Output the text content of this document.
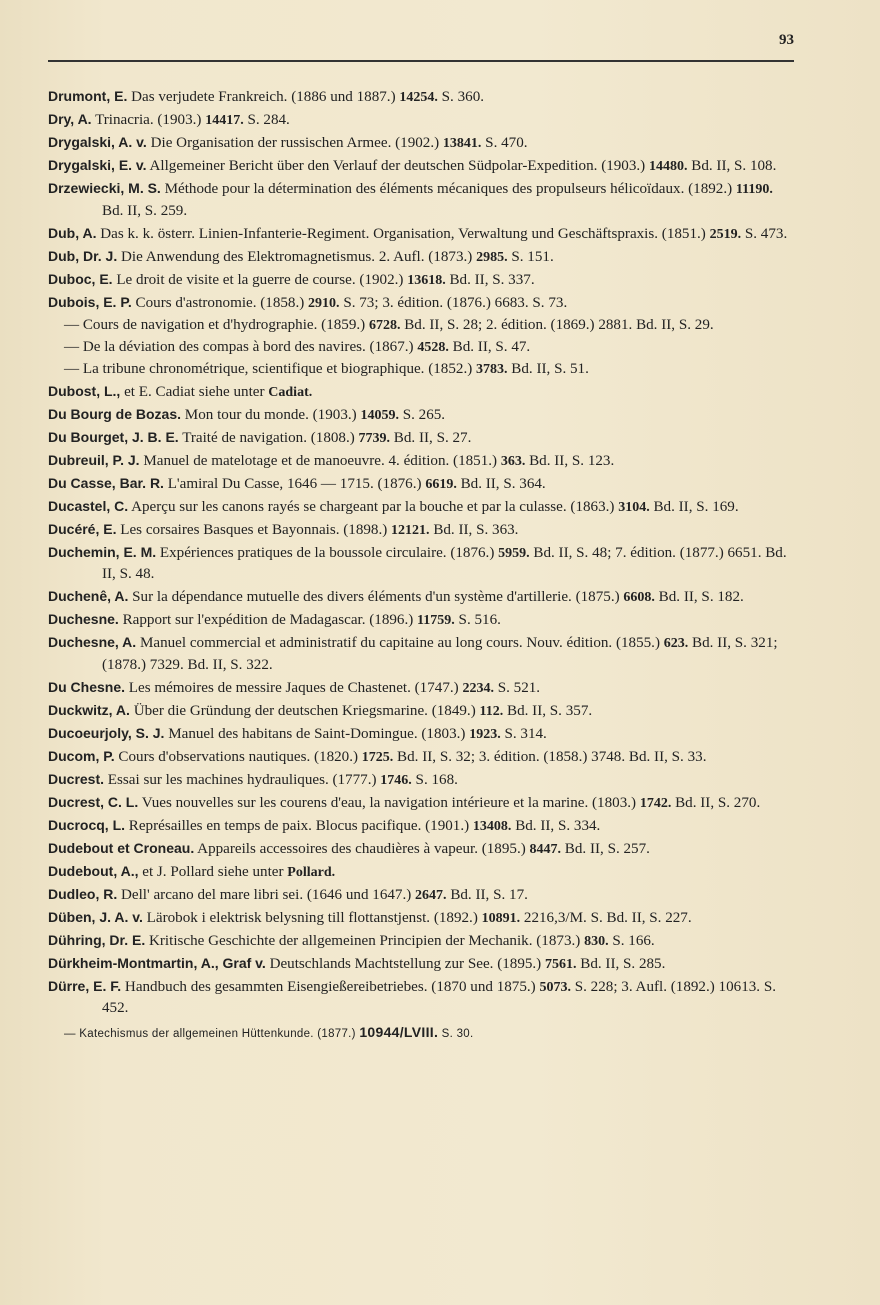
93
Drumont, E. Das verjudete Frankreich. (1886 und 1887.) 14254. S. 360.
Dry, A. Trinacria. (1903.) 14417. S. 284.
Drygalski, A. v. Die Organisation der russischen Armee. (1902.) 13841. S. 470.
Drygalski, E. v. Allgemeiner Bericht über den Verlauf der deutschen Südpolar-Expedition. (1903.) 14480. Bd. II, S. 108.
Drzewiecki, M. S. Méthode pour la détermination des éléments mécaniques des propulseurs hélicoïdaux. (1892.) 11190. Bd. II, S. 259.
Dub, A. Das k. k. österr. Linien-Infanterie-Regiment. Organisation, Verwaltung und Geschäftspraxis. (1851.) 2519. S. 473.
Dub, Dr. J. Die Anwendung des Elektromagnetismus. 2. Aufl. (1873.) 2985. S. 151.
Duboc, E. Le droit de visite et la guerre de course. (1902.) 13618. Bd. II, S. 337.
Dubois, E. P. Cours d'astronomie. (1858.) 2910. S. 73; 3. édition. (1876.) 6683. S. 73.
— Cours de navigation et d'hydrographie. (1859.) 6728. Bd. II, S. 28; 2. édition. (1869.) 2881. Bd. II, S. 29.
— De la déviation des compas à bord des navires. (1867.) 4528. Bd. II, S. 47.
— La tribune chronométrique, scientifique et biographique. (1852.) 3783. Bd. II, S. 51.
Dubost, L., et E. Cadiat siehe unter Cadiat.
Du Bourg de Bozas. Mon tour du monde. (1903.) 14059. S. 265.
Du Bourget, J. B. E. Traité de navigation. (1808.) 7739. Bd. II, S. 27.
Dubreuil, P. J. Manuel de matelotage et de manoeuvre. 4. édition. (1851.) 363. Bd. II, S. 123.
Du Casse, Bar. R. L'amiral Du Casse, 1646 — 1715. (1876.) 6619. Bd. II, S. 364.
Ducastel, C. Aperçu sur les canons rayés se chargeant par la bouche et par la culasse. (1863.) 3104. Bd. II, S. 169.
Ducéré, E. Les corsaires Basques et Bayonnais. (1898.) 12121. Bd. II, S. 363.
Duchemin, E. M. Expériences pratiques de la boussole circulaire. (1876.) 5959. Bd. II, S. 48; 7. édition. (1877.) 6651. Bd. II, S. 48.
Duchenê, A. Sur la dépendance mutuelle des divers éléments d'un système d'artillerie. (1875.) 6608. Bd. II, S. 182.
Duchesne. Rapport sur l'expédition de Madagascar. (1896.) 11759. S. 516.
Duchesne, A. Manuel commercial et administratif du capitaine au long cours. Nouv. édition. (1855.) 623. Bd. II, S. 321; (1878.) 7329. Bd. II, S. 322.
Du Chesne. Les mémoires de messire Jaques de Chastenet. (1747.) 2234. S. 521.
Duckwitz, A. Über die Gründung der deutschen Kriegsmarine. (1849.) 112. Bd. II, S. 357.
Ducoeurjoly, S. J. Manuel des habitans de Saint-Domingue. (1803.) 1923. S. 314.
Ducom, P. Cours d'observations nautiques. (1820.) 1725. Bd. II, S. 32; 3. édition. (1858.) 3748. Bd. II, S. 33.
Ducrest. Essai sur les machines hydrauliques. (1777.) 1746. S. 168.
Ducrest, C. L. Vues nouvelles sur les courens d'eau, la navigation intérieure et la marine. (1803.) 1742. Bd. II, S. 270.
Ducrocq, L. Représailles en temps de paix. Blocus pacifique. (1901.) 13408. Bd. II, S. 334.
Dudebout et Croneau. Appareils accessoires des chaudières à vapeur. (1895.) 8447. Bd. II, S. 257.
Dudebout, A., et J. Pollard siehe unter Pollard.
Dudleo, R. Dell' arcano del mare libri sei. (1646 und 1647.) 2647. Bd. II, S. 17.
Düben, J. A. v. Lärobok i elektrisk belysning till flottanstjenst. (1892.) 10891. 2216,3/M. S. Bd. II, S. 227.
Dühring, Dr. E. Kritische Geschichte der allgemeinen Principien der Mechanik. (1873.) 830. S. 166.
Dürkheim-Montmartin, A., Graf v. Deutschlands Machtstellung zur See. (1895.) 7561. Bd. II, S. 285.
Dürre, E. F. Handbuch des gesammten Eisengießereibetriebes. (1870 und 1875.) 5073. S. 228; 3. Aufl. (1892.) 10613. S. 452.
— Katechismus der allgemeinen Hüttenkunde. (1877.) 10944/LVIII. S. 30.
